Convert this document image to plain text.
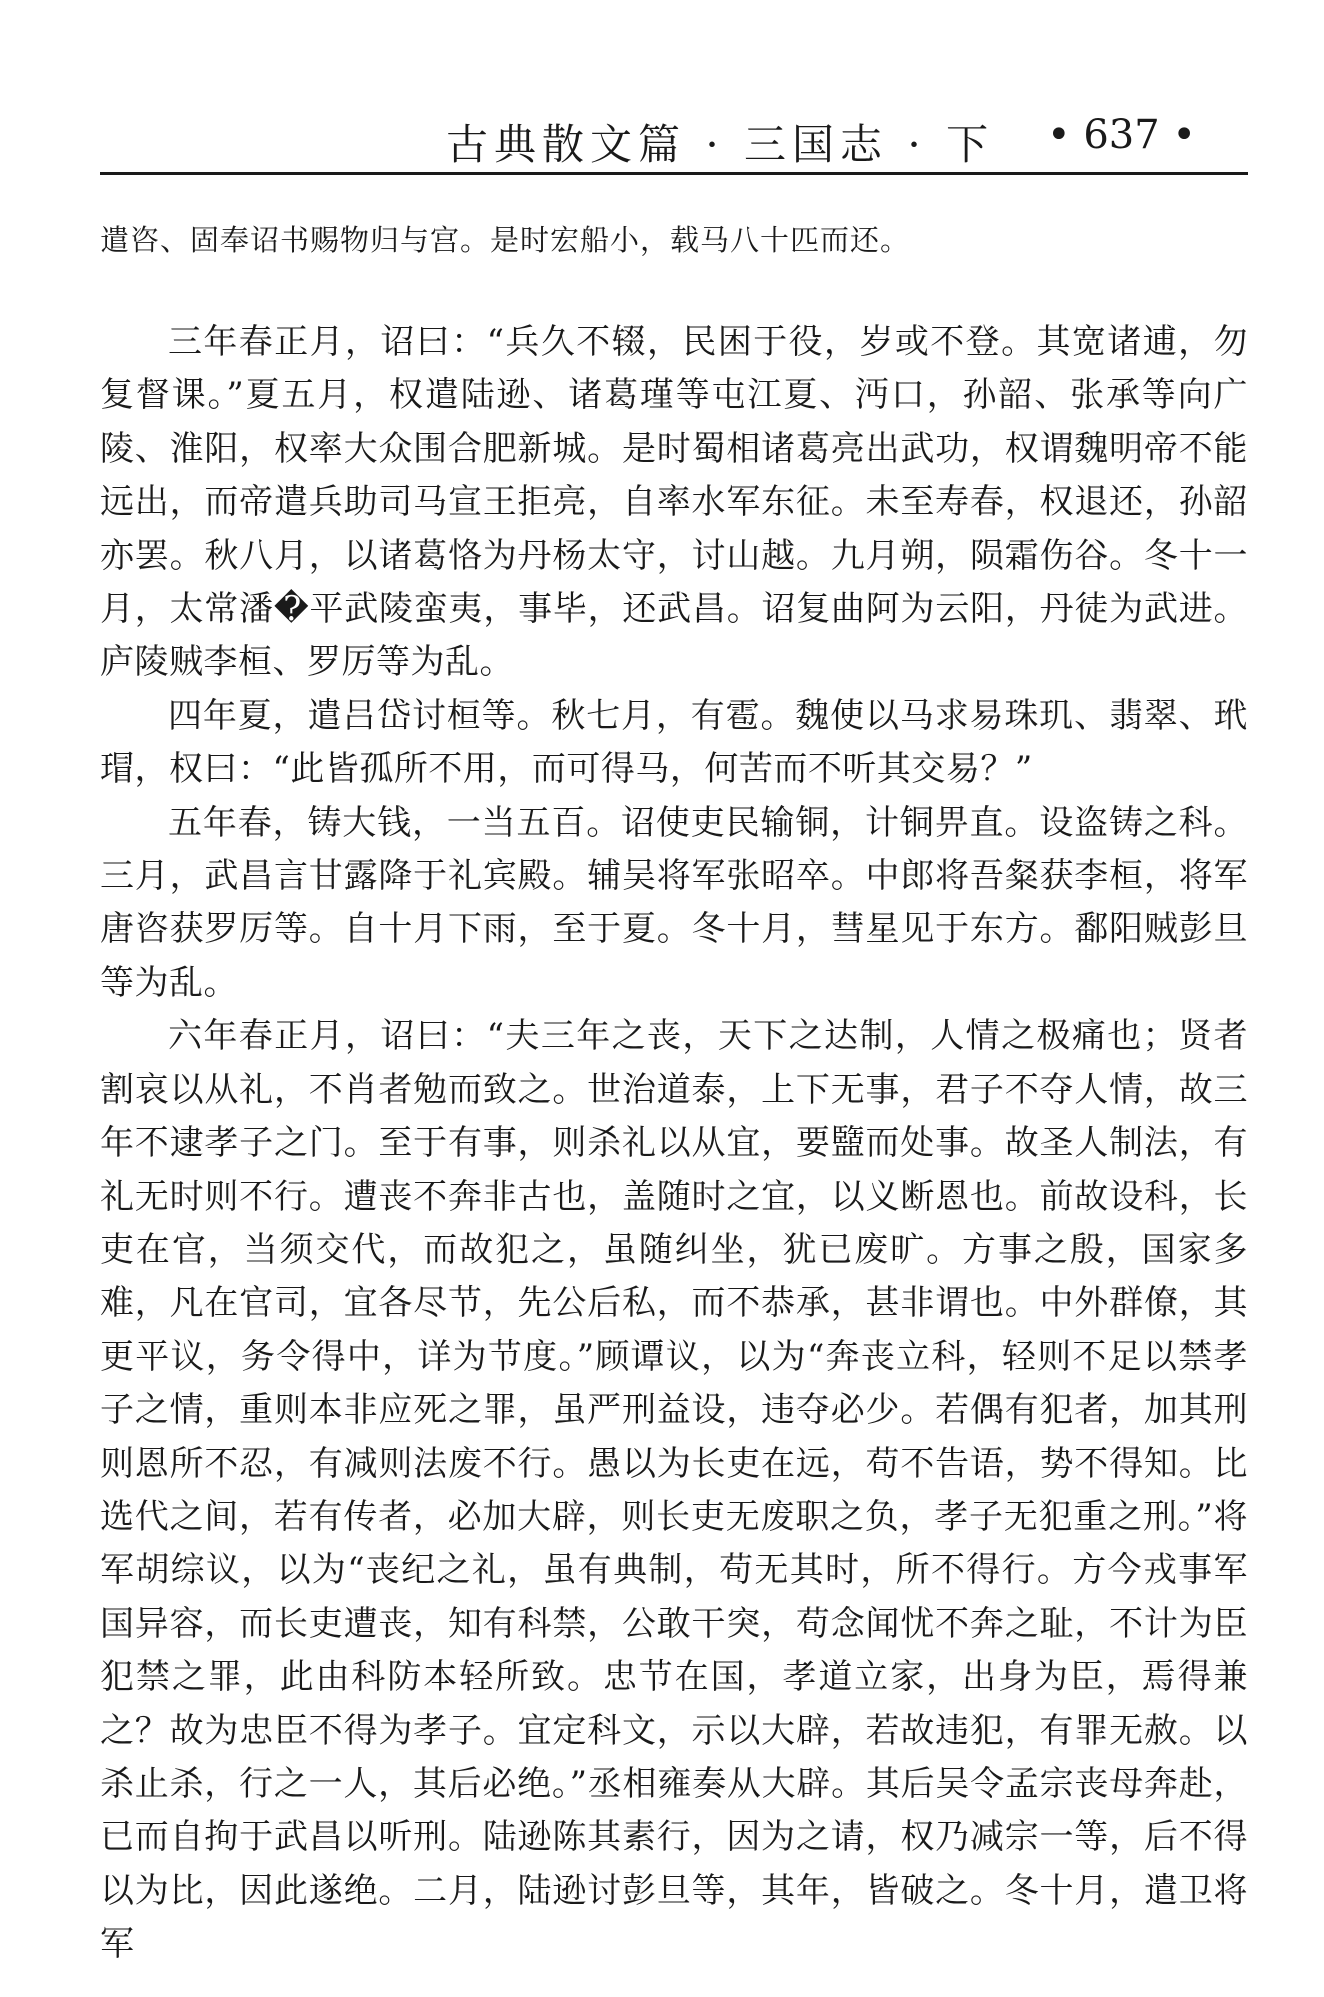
古典散文篇 · 三国志 · 下 • 637 •
遣咨、固奉诏书赐物归与宫。是时宏船小，载马八十匹而还。

三年春正月，诏曰：“兵久不辍，民困于役，岁或不登。其宽诸逋，勿复督课。”夏五月，权遣陆逊、诸葛瑾等屯江夏、沔口，孙韶、张承等向广陵、淮阳，权率大众围合肥新城。是时蜀相诸葛亮出武功，权谓魏明帝不能远出，而帝遣兵助司马宣王拒亮，自率水军东征。未至寿春，权退还，孙韶亦罢。秋八月，以诸葛恪为丹杨太守，讨山越。九月朔，陨霜伤谷。冬十一月，太常潘�平武陵蛮夷，事毕，还武昌。诏复曲阿为云阳，丹徒为武进。庐陵贼李桓、罗厉等为乱。

四年夏，遣吕岱讨桓等。秋七月，有雹。魏使以马求易珠玑、翡翠、玳瑁，权曰：“此皆孤所不用，而可得马，何苦而不听其交易？”

五年春，铸大钱，一当五百。诏使吏民输铜，计铜畀直。设盗铸之科。三月，武昌言甘露降于礼宾殿。辅吴将军张昭卒。中郎将吾粲获李桓，将军唐咨获罗厉等。自十月下雨，至于夏。冬十月，彗星见于东方。鄱阳贼彭旦等为乱。

六年春正月，诏曰：“夫三年之丧，天下之达制，人情之极痛也；贤者割哀以从礼，不肖者勉而致之。世治道泰，上下无事，君子不夺人情，故三年不逮孝子之门。至于有事，则杀礼以从宜，要盬而处事。故圣人制法，有礼无时则不行。遭丧不奔非古也，盖随时之宜，以义断恩也。前故设科，长吏在官，当须交代，而故犯之，虽随纠坐，犹已废旷。方事之殷，国家多难，凡在官司，宜各尽节，先公后私，而不恭承，甚非谓也。中外群僚，其更平议，务令得中，详为节度。”顾谭议，以为“奔丧立科，轻则不足以禁孝子之情，重则本非应死之罪，虽严刑益设，违夺必少。若偶有犯者，加其刑则恩所不忍，有减则法废不行。愚以为长吏在远，苟不告语，势不得知。比选代之间，若有传者，必加大辟，则长吏无废职之负，孝子无犯重之刑。”将军胡综议，以为“丧纪之礼，虽有典制，苟无其时，所不得行。方今戎事军国异容，而长吏遭丧，知有科禁，公敢干突，苟念闻忧不奔之耻，不计为臣犯禁之罪，此由科防本轻所致。忠节在国，孝道立家，出身为臣，焉得兼之？故为忠臣不得为孝子。宜定科文，示以大辟，若故违犯，有罪无赦。以杀止杀，行之一人，其后必绝。”丞相雍奏从大辟。其后吴令孟宗丧母奔赴，已而自拘于武昌以听刑。陆逊陈其素行，因为之请，权乃减宗一等，后不得以为比，因此遂绝。二月，陆逊讨彭旦等，其年，皆破之。冬十月，遣卫将军
